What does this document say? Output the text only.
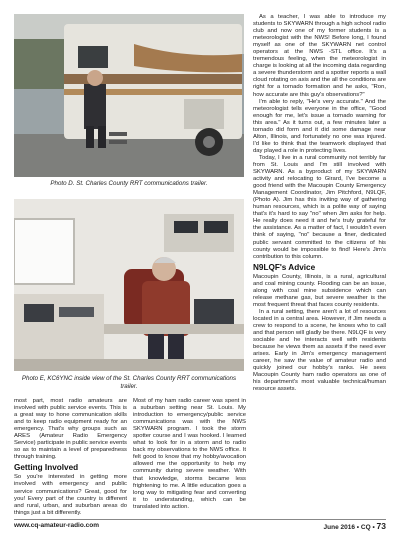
Photo D. St. Charles County RRT communications trailer.
Photo E, KC6YNC inside view of the St. Charles County RRT communications trailer.

most part, most radio amateurs are involved with public service events. This is a great way to hone communication skills and to keep radio equipment ready for an emergency. That's why groups such as ARES (Amateur Radio Emergency Service) participate in public service events so as to maintain a level of preparedness through training.

Getting Involved

So you're interested in getting more involved with emergency and public service communications? Great, good for you! Every part of the country is different and rural, urban, and suburban areas do things just a bit differently.

Most of my ham radio career was spent in a suburban setting near St. Louis. My introduction to emergency/public service communications was with the NWS SKYWARN program. I took the storm spotter course and I was hooked. I learned what to look for in a storm and to radio back my observations to the NWS office. It felt good to know that my hobby/avocation allowed me the opportunity to help my community during severe weather. With that knowledge, storms became less frightening to me. A little education goes a long way to mitigating fear and converting it to understanding, which can be translated into action.

As a teacher, I was able to introduce my students to SKYWARN through a high school radio club and now one of my former students is a meteorologist with the NWS! Before long, I found myself as one of the SKYWARN net control operators at the NWS -STL office. It's a tremendous feeling, when the meteorologist in charge is looking at all the incoming data regarding a severe thunderstorm and a spotter reports a wall cloud rotating on axis and the all the conditions are right for a tornado formation and he asks, "Ron, how accurate are this guy's observations?"

I'm able to reply, "He's very accurate." And the meteorologist tells everyone in the office, "Good enough for me, let's issue a tornado warning for this area." As it turns out, a few minutes later a tornado did form and it did some damage near Alton, Illinois, and fortunately no one was injured. I'd like to think that the teamwork displayed that day played a role in protecting lives.

Today, I live in a rural community not terribly far from St. Louis and I'm still involved with SKYWARN. As a byproduct of my SKYWARN activity and relocating to Girard, I've become a good friend with the Macoupin County Emergency Management Coordinator, Jim Pitchford, N9LQF, (Photo A). Jim has this inviting way of gathering human resources, which is a polite way of saying that's it's hard to say "no" when Jim asks for help. He really does need it and he's truly grateful for the assistance. As a matter of fact, I wouldn't even think of saying, "no" because a finer, dedicated public servant committed to the citizens of his county would be impossible to find! Here's Jim's contribution to this column.

N9LQF's Advice

Macoupin County, Illinois, is a rural, agricultural and coal mining county. Flooding can be an issue, along with coal mine subsidence which can release methane gas, but severe weather is the most frequent threat that faces county residents.

In a rural setting, there aren't a lot of resources located in a central area. However, if Jim needs a crew to respond to a scene, he knows who to call and that person will gladly be there. N9LQF is very sociable and he interacts well with residents because he views them as assets if the need ever arises. Early in Jim's emergency management career, he saw the value of amateur radio and quickly joined our hobby's ranks. He sees Macoupin County ham radio operators as one of his department's most valuable technical/human resource assets.

www.cq-amateur-radio.com	June 2016 • CQ • 73
